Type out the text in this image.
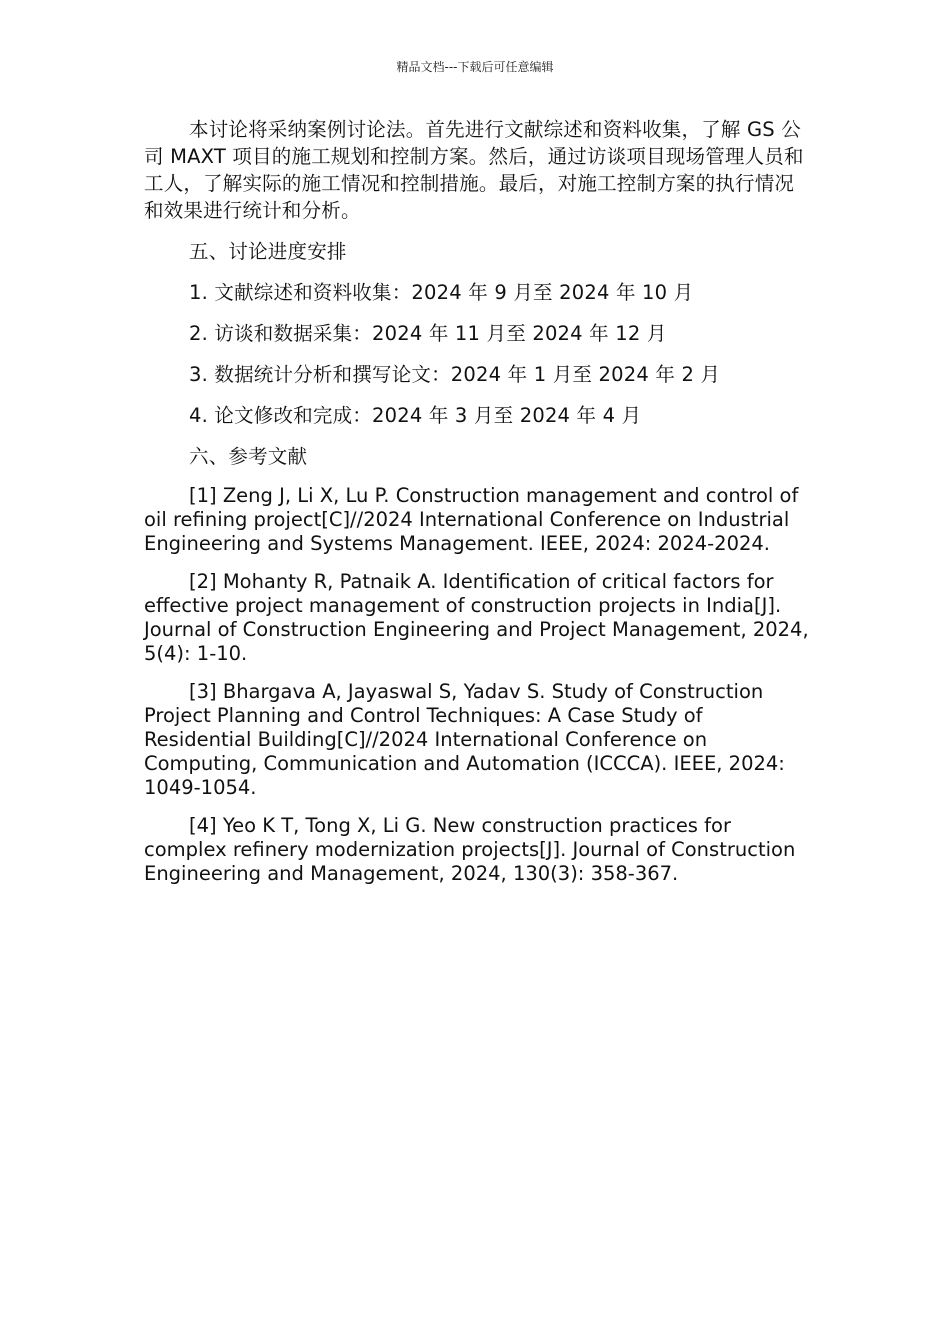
精品文档---下载后可任意编辑

本讨论将采纳案例讨论法。首先进行文献综述和资料收集，了解 GS 公司 MAXT 项目的施工规划和控制方案。然后，通过访谈项目现场管理人员和工人，了解实际的施工情况和控制措施。最后，对施工控制方案的执行情况和效果进行统计和分析。

五、讨论进度安排

1. 文献综述和资料收集：2024 年 9 月至 2024 年 10 月

2. 访谈和数据采集：2024 年 11 月至 2024 年 12 月

3. 数据统计分析和撰写论文：2024 年 1 月至 2024 年 2 月

4. 论文修改和完成：2024 年 3 月至 2024 年 4 月

六、参考文献

[1] Zeng J, Li X, Lu P. Construction management and control of oil refining project[C]//2024 International Conference on Industrial Engineering and Systems Management. IEEE, 2024: 2024-2024.

[2] Mohanty R, Patnaik A. Identification of critical factors for effective project management of construction projects in India[J]. Journal of Construction Engineering and Project Management, 2024, 5(4): 1-10.

[3] Bhargava A, Jayaswal S, Yadav S. Study of Construction Project Planning and Control Techniques: A Case Study of Residential Building[C]//2024 International Conference on Computing, Communication and Automation (ICCCA). IEEE, 2024: 1049-1054.

[4] Yeo K T, Tong X, Li G. New construction practices for complex refinery modernization projects[J]. Journal of Construction Engineering and Management, 2024, 130(3): 358-367.
